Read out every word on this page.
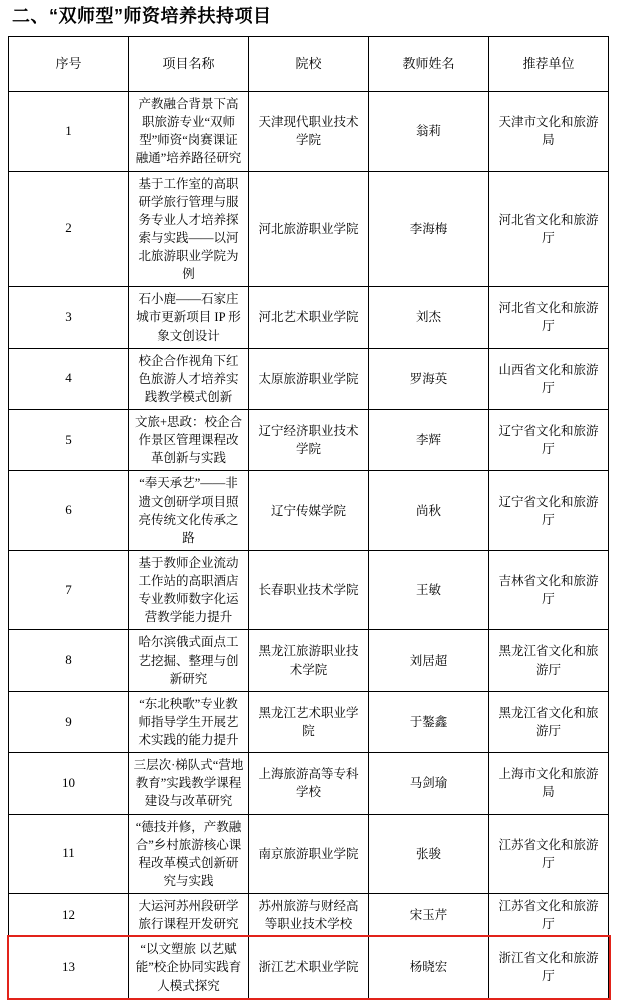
二、“双师型”师资培养扶持项目
序号	项目名称	院校	教师姓名	推荐单位
1	产教融合背景下高职旅游专业“双师型”师资“岗赛课证融通”培养路径研究	天津现代职业技术学院	翁莉	天津市文化和旅游局
2	基于工作室的高职研学旅行管理与服务专业人才培养探索与实践——以河北旅游职业学院为例	河北旅游职业学院	李海梅	河北省文化和旅游厅
3	石小鹿——石家庄城市更新项目 IP 形象文创设计	河北艺术职业学院	刘杰	河北省文化和旅游厅
4	校企合作视角下红色旅游人才培养实践教学模式创新	太原旅游职业学院	罗海英	山西省文化和旅游厅
5	文旅+思政：校企合作景区管理课程改革创新与实践	辽宁经济职业技术学院	李辉	辽宁省文化和旅游厅
6	“奉天承艺”——非遗文创研学项目照亮传统文化传承之路	辽宁传媒学院	尚秋	辽宁省文化和旅游厅
7	基于教师企业流动工作站的高职酒店专业教师数字化运营教学能力提升	长春职业技术学院	王敏	吉林省文化和旅游厅
8	哈尔滨俄式面点工艺挖掘、整理与创新研究	黑龙江旅游职业技术学院	刘居超	黑龙江省文化和旅游厅
9	“东北秧歌”专业教师指导学生开展艺术实践的能力提升	黑龙江艺术职业学院	于鏊鑫	黑龙江省文化和旅游厅
10	三层次·梯队式“营地教育”实践教学课程建设与改革研究	上海旅游高等专科学校	马剑瑜	上海市文化和旅游局
11	“德技并修，产教融合”乡村旅游核心课程改革模式创新研究与实践	南京旅游职业学院	张骏	江苏省文化和旅游厅
12	大运河苏州段研学旅行课程开发研究	苏州旅游与财经高等职业技术学校	宋玉芹	江苏省文化和旅游厅
13	“以文塑旅 以艺赋能”校企协同实践育人模式探究	浙江艺术职业学院	杨晓宏	浙江省文化和旅游厅
